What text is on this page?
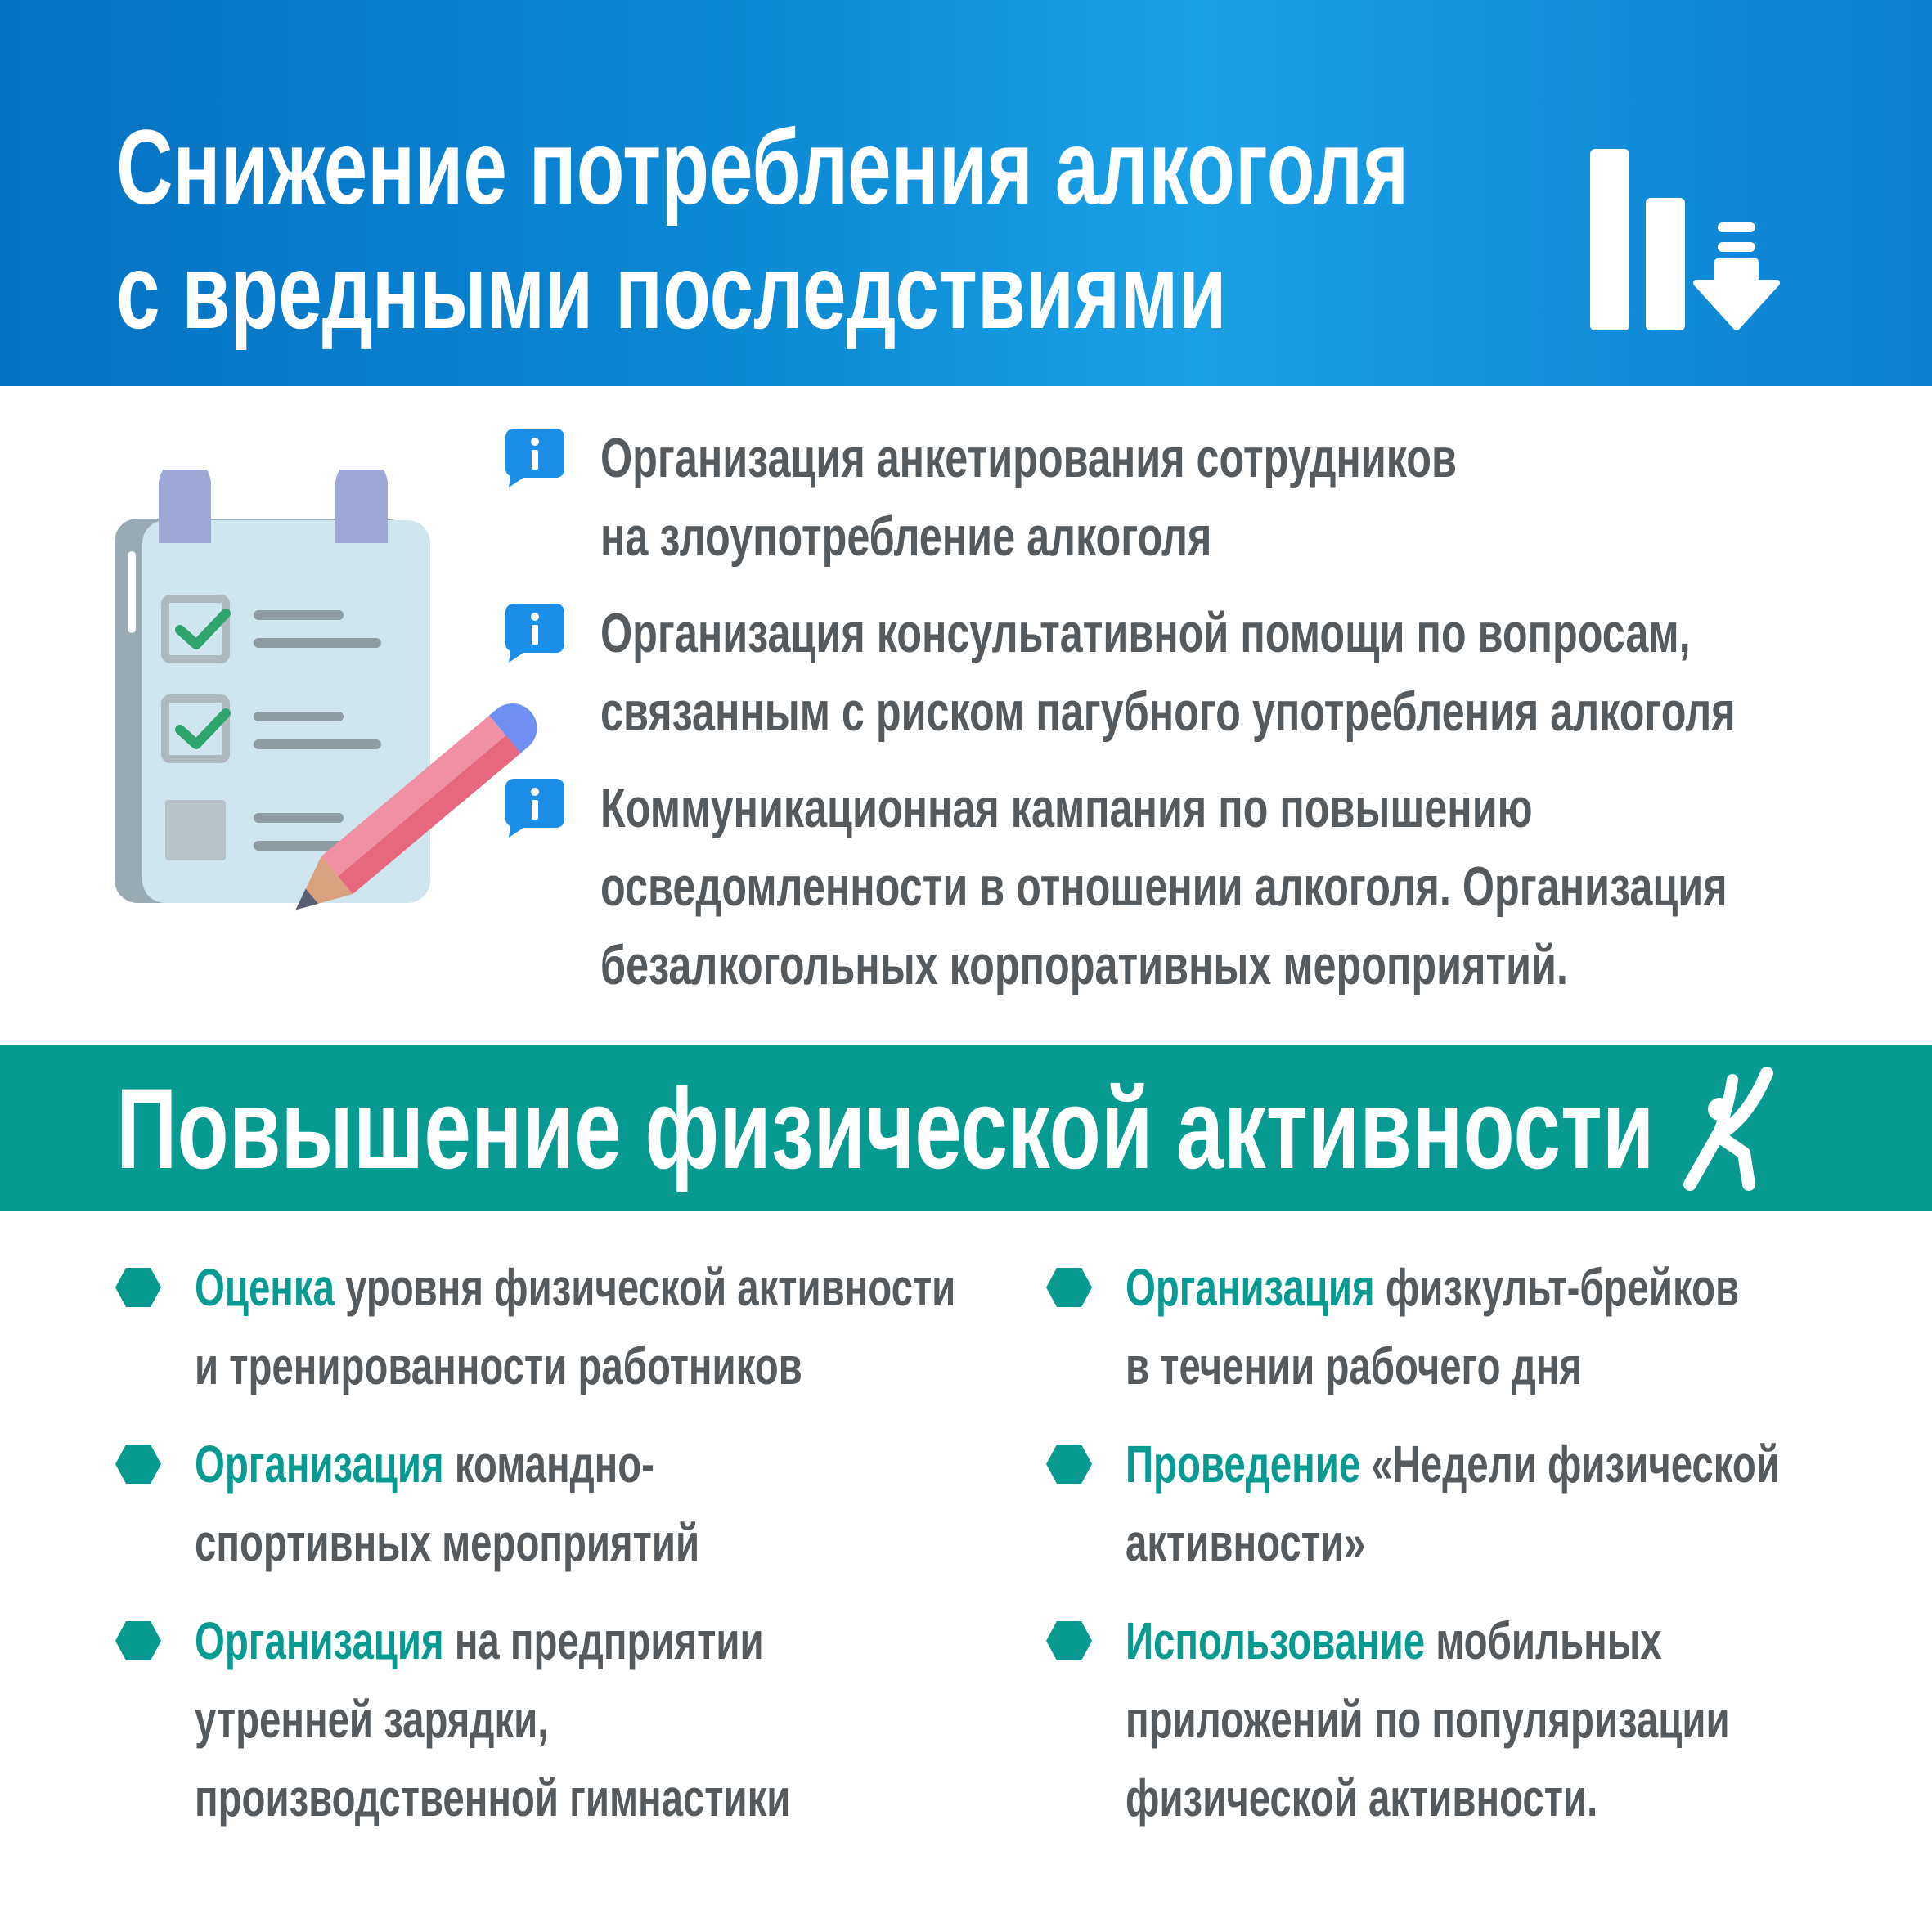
Снижение потребления алкоголя
с вредными последствиями
Организация анкетирования сотрудников
на злоупотребление алкоголя
Организация консультативной помощи по вопросам,
связанным с риском пагубного употребления алкоголя
Коммуникационная кампания по повышению
осведомленности в отношении алкоголя. Организация
безалкогольных корпоративных мероприятий.
Повышение физической активности
Оценка уровня физической активности
и тренированности работников
Организация командно-
спортивных мероприятий
Организация на предприятии
утренней зарядки,
производственной гимнастики
Организация физкульт-брейков
в течении рабочего дня
Проведение «Недели физической
активности»
Использование мобильных
приложений по популяризации
физической активности.
